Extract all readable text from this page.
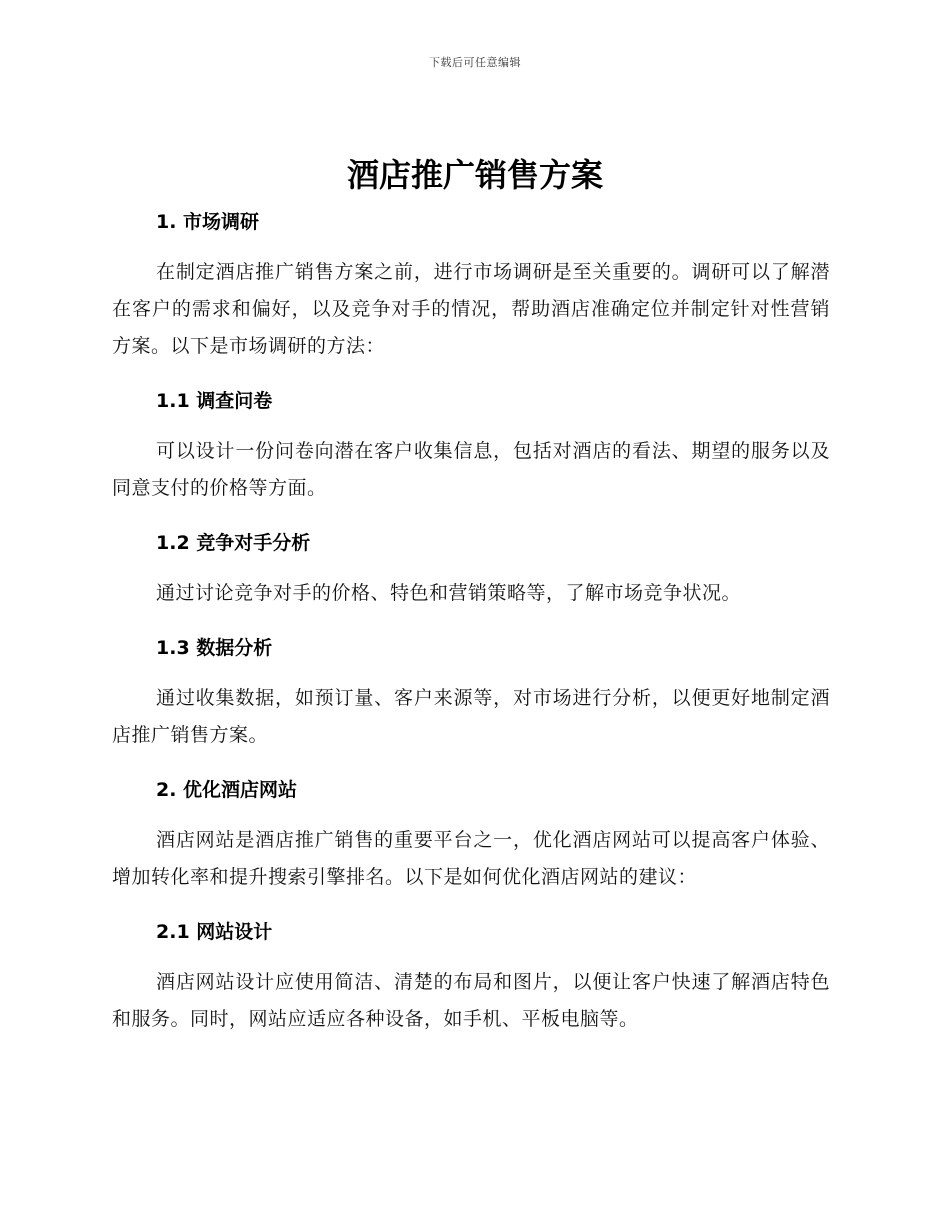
下载后可任意编辑
酒店推广销售方案
1. 市场调研

在制定酒店推广销售方案之前，进行市场调研是至关重要的。调研可以了解潜在客户的需求和偏好，以及竞争对手的情况，帮助酒店准确定位并制定针对性营销方案。以下是市场调研的方法：

1.1 调查问卷

可以设计一份问卷向潜在客户收集信息，包括对酒店的看法、期望的服务以及同意支付的价格等方面。

1.2 竞争对手分析

通过讨论竞争对手的价格、特色和营销策略等，了解市场竞争状况。

1.3 数据分析

通过收集数据，如预订量、客户来源等，对市场进行分析，以便更好地制定酒店推广销售方案。

2. 优化酒店网站

酒店网站是酒店推广销售的重要平台之一，优化酒店网站可以提高客户体验、增加转化率和提升搜索引擎排名。以下是如何优化酒店网站的建议：

2.1 网站设计

酒店网站设计应使用简洁、清楚的布局和图片，以便让客户快速了解酒店特色和服务。同时，网站应适应各种设备，如手机、平板电脑等。
